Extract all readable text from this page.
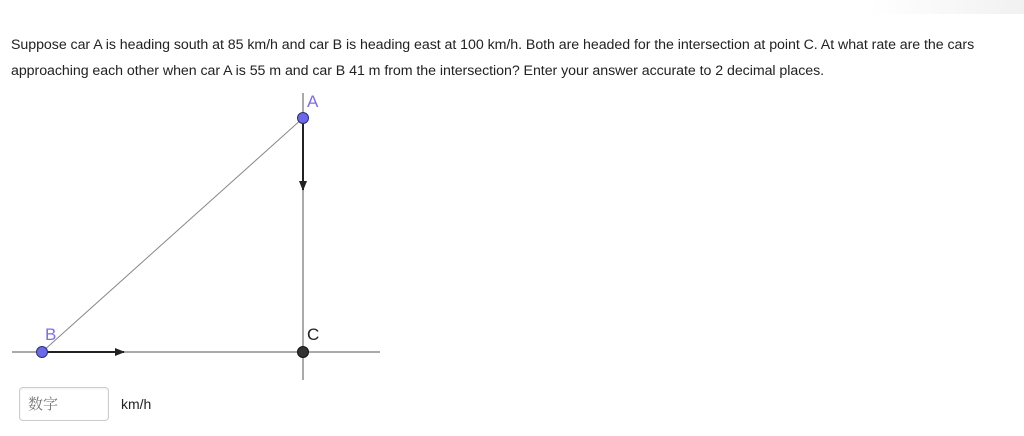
Suppose car A is heading south at 85 km/h and car B is heading east at 100 km/h. Both are headed for the intersection at point C. At what rate are the cars approaching each other when car A is 55 m and car B 41 m from the intersection? Enter your answer accurate to 2 decimal places.

A
B	C
数字
km/h
